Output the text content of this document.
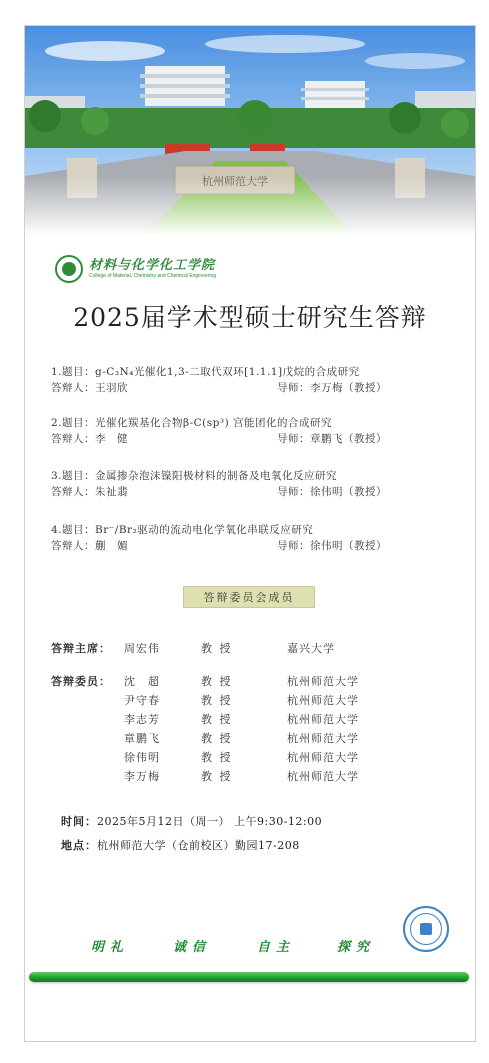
材料与化学化工学院
College of Material, Chemistry and Chemical Engineering
2025届学术型硕士研究生答辩
1.题目：g-C₃N₄光催化1,3-二取代双环[1.1.1]戊烷的合成研究
答辩人：王羽欣	导师：李万梅（教授）
2.题目：光催化羰基化合物β-C(sp³) 宫能团化的合成研究
答辩人：李　健	导师：章鹏飞（教授）
3.题目：金属掺杂泡沫镍阳极材料的制备及电氧化反应研究
答辩人：朱祉翡	导师：徐伟明（教授）
4.题目：Br⁻/Br₂驱动的流动电化学氧化串联反应研究
答辩人：蒯　媚	导师：徐伟明（教授）
答辩委员会成员
答辩主席： 周宏伟	教 授	嘉兴大学
答辩委员： 沈　超	教 授	杭州师范大学
尹守春	教 授	杭州师范大学
李志芳	教 授	杭州师范大学
章鹏飞	教 授	杭州师范大学
徐伟明	教 授	杭州师范大学
李万梅	教 授	杭州师范大学
时间：2025年5月12日（周一） 上午9:30-12:00
地点：杭州师范大学（仓前校区）勤园17-208
明礼	诚信	自主	探究
